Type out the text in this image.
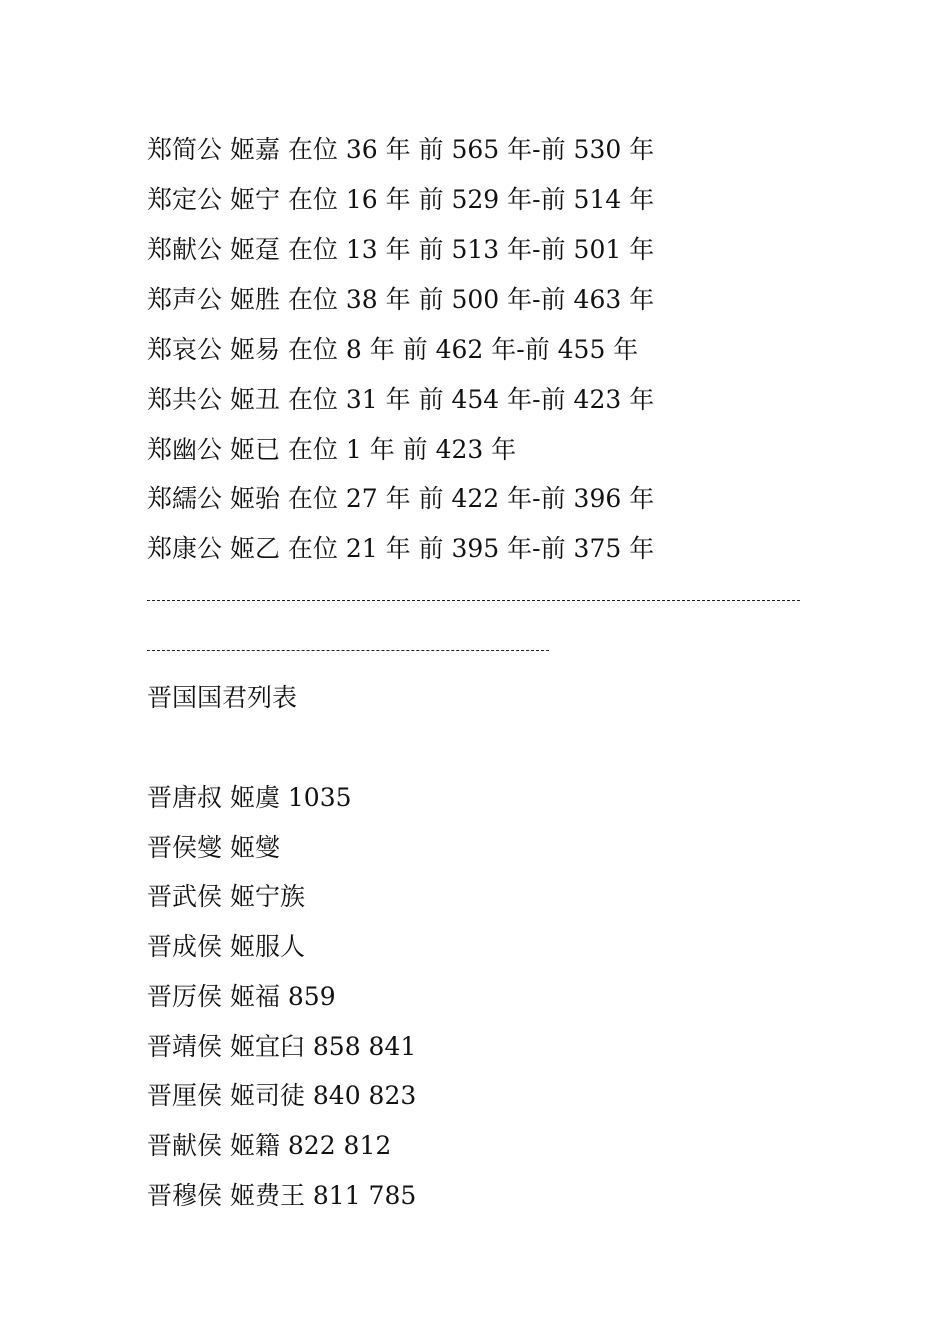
郑简公 姬嘉 在位 36 年 前 565 年-前 530 年
郑定公 姬宁 在位 16 年 前 529 年-前 514 年
郑献公 姬趸 在位 13 年 前 513 年-前 501 年
郑声公 姬胜 在位 38 年 前 500 年-前 463 年
郑哀公 姬易 在位 8 年 前 462 年-前 455 年
郑共公 姬丑 在位 31 年 前 454 年-前 423 年
郑幽公 姬已 在位 1 年 前 423 年
郑繻公 姬骀 在位 27 年 前 422 年-前 396 年
郑康公 姬乙 在位 21 年 前 395 年-前 375 年
晋国国君列表
晋唐叔 姬虞 1035
晋侯燮 姬燮
晋武侯 姬宁族
晋成侯 姬服人
晋厉侯 姬福 859
晋靖侯 姬宜臼 858 841
晋厘侯 姬司徒 840 823
晋献侯 姬籍 822 812
晋穆侯 姬费王 811 785
